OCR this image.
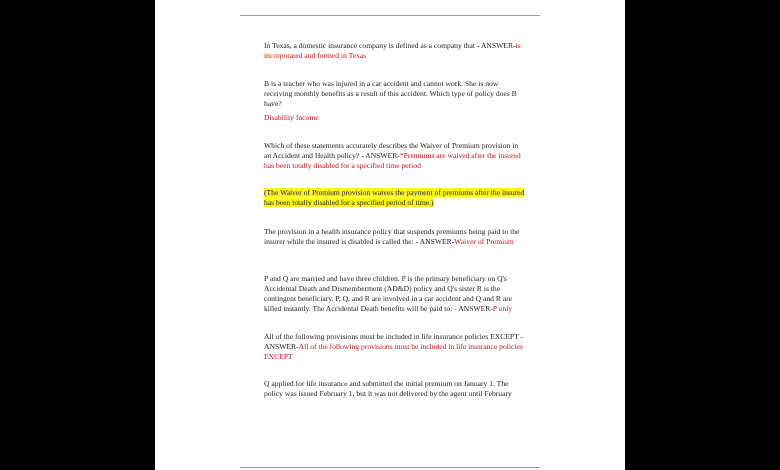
In Texas, a domestic insurance company is defined as a company that - ANSWER-is incorporated and formed in Texas
B is a teacher who was injured in a car accident and cannot work. She is now receiving monthly benefits as a result of this accident. Which type of policy does B have?
Disability Income
Which of these statements accurately describes the Waiver of Premium provision in an Accident and Health policy? - ANSWER-*Premiums are waived after the insured has been totally disabled for a specified time period
(The Waiver of Premium provision waives the payment of premiums after the insured has been totally disabled for a specified period of time.)
The provision in a health insurance policy that suspends premiums being paid to the insurer while the insured is disabled is called the: - ANSWER-Waiver of Premium
P and Q are married and have three children. P is the primary beneficiary on Q's Accidental Death and Dismemberment (AD&D) policy and Q's sister R is the contingent beneficiary. P, Q, and R are involved in a car accident and Q and R are killed instantly. The Accidental Death benefits will be paid to: - ANSWER-P only
All of the following provisions must be included in life insurance policies EXCEPT - ANSWER-All of the following provisions must be included in life insurance policies EXCEPT
Q applied for life insurance and submitted the initial premium on January 1. The policy was issued February 1, but it was not delivered by the agent until February
